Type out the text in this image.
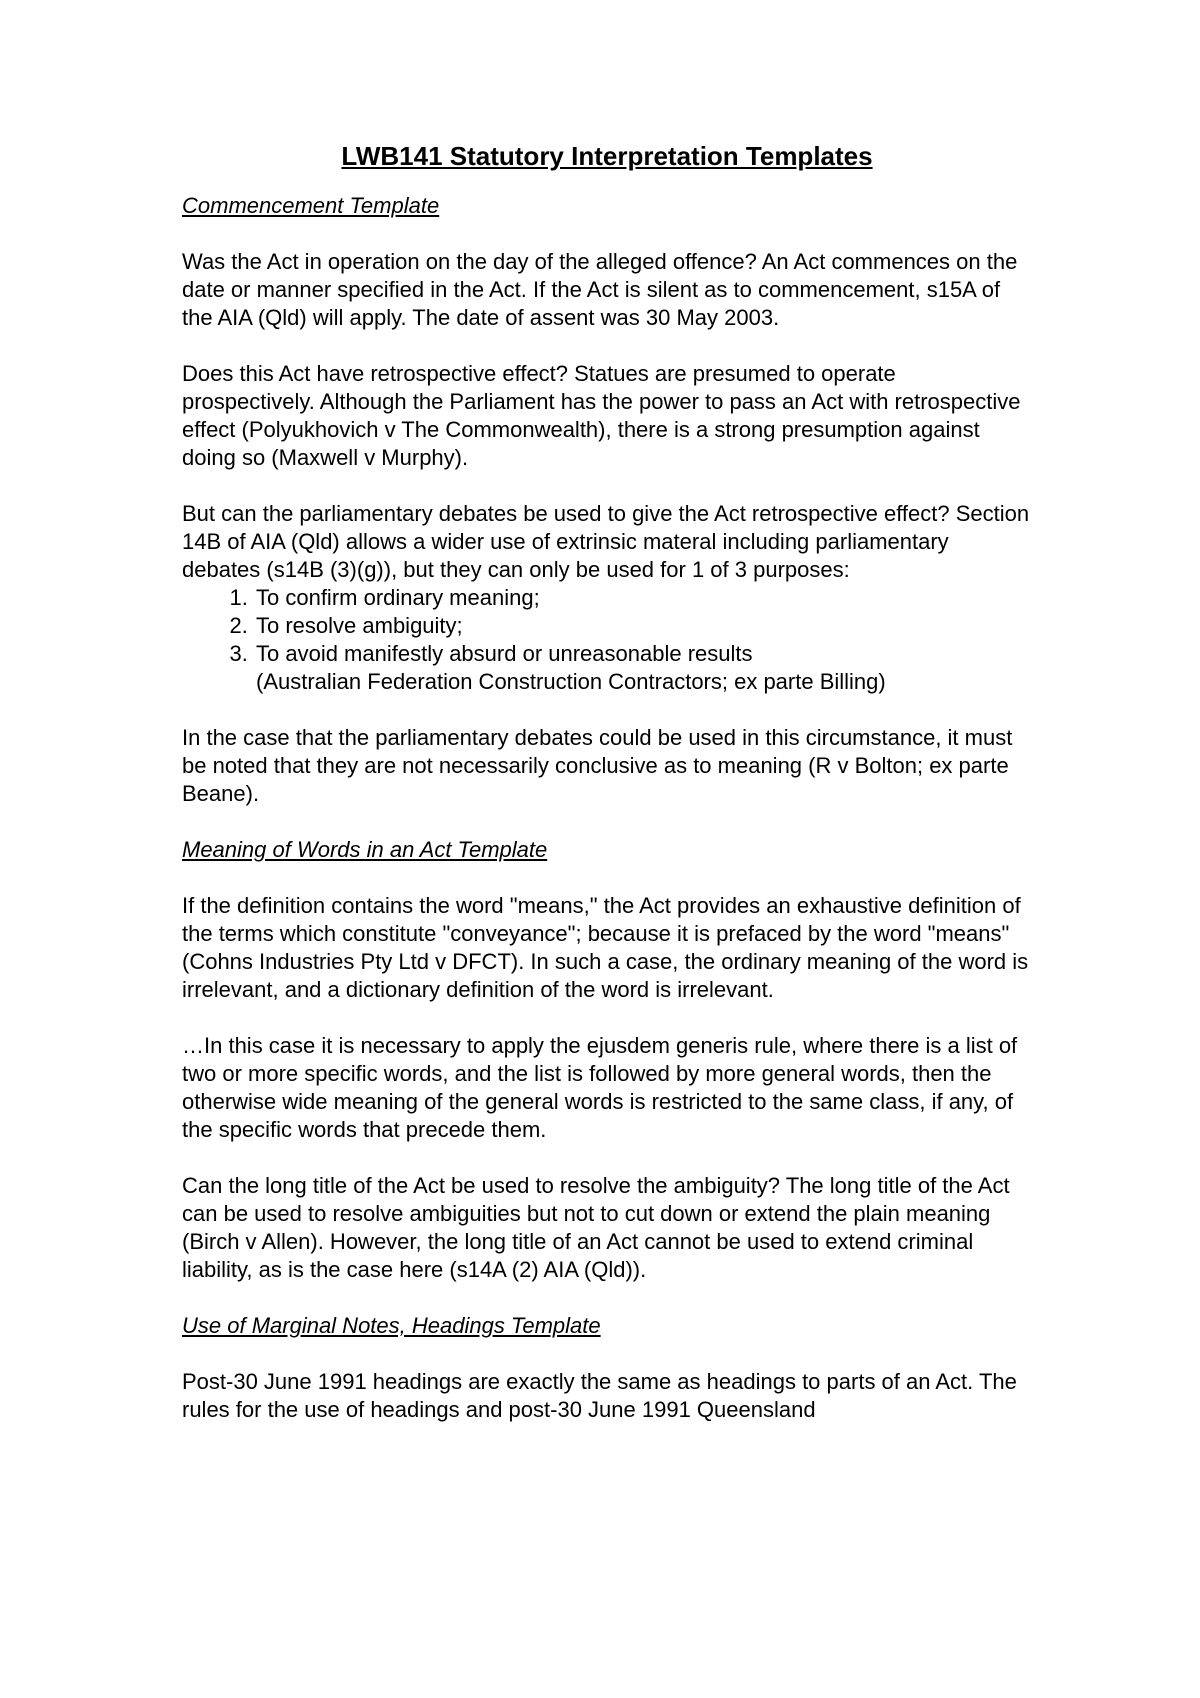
LWB141 Statutory Interpretation Templates
Commencement Template

Was the Act in operation on the day of the alleged offence? An Act commences on the date or manner specified in the Act. If the Act is silent as to commencement, s15A of the AIA (Qld) will apply. The date of assent was 30 May 2003.

Does this Act have retrospective effect? Statues are presumed to operate prospectively. Although the Parliament has the power to pass an Act with retrospective effect (Polyukhovich v The Commonwealth), there is a strong presumption against doing so (Maxwell v Murphy).

But can the parliamentary debates be used to give the Act retrospective effect? Section 14B of AIA (Qld) allows a wider use of extrinsic materal including parliamentary debates (s14B (3)(g)), but they can only be used for 1 of 3 purposes:

1. To confirm ordinary meaning;
2. To resolve ambiguity;
3. To avoid manifestly absurd or unreasonable results
(Australian Federation Construction Contractors; ex parte Billing)

In the case that the parliamentary debates could be used in this circumstance, it must be noted that they are not necessarily conclusive as to meaning (R v Bolton; ex parte Beane).

Meaning of Words in an Act Template

If the definition contains the word "means," the Act provides an exhaustive definition of the terms which constitute "conveyance"; because it is prefaced by the word "means" (Cohns Industries Pty Ltd v DFCT). In such a case, the ordinary meaning of the word is irrelevant, and a dictionary definition of the word is irrelevant.

…In this case it is necessary to apply the ejusdem generis rule, where there is a list of two or more specific words, and the list is followed by more general words, then the otherwise wide meaning of the general words is restricted to the same class, if any, of the specific words that precede them.

Can the long title of the Act be used to resolve the ambiguity? The long title of the Act can be used to resolve ambiguities but not to cut down or extend the plain meaning (Birch v Allen). However, the long title of an Act cannot be used to extend criminal liability, as is the case here (s14A (2) AIA (Qld)).

Use of Marginal Notes, Headings Template

Post-30 June 1991 headings are exactly the same as headings to parts of an Act. The rules for the use of headings and post-30 June 1991 Queensland
